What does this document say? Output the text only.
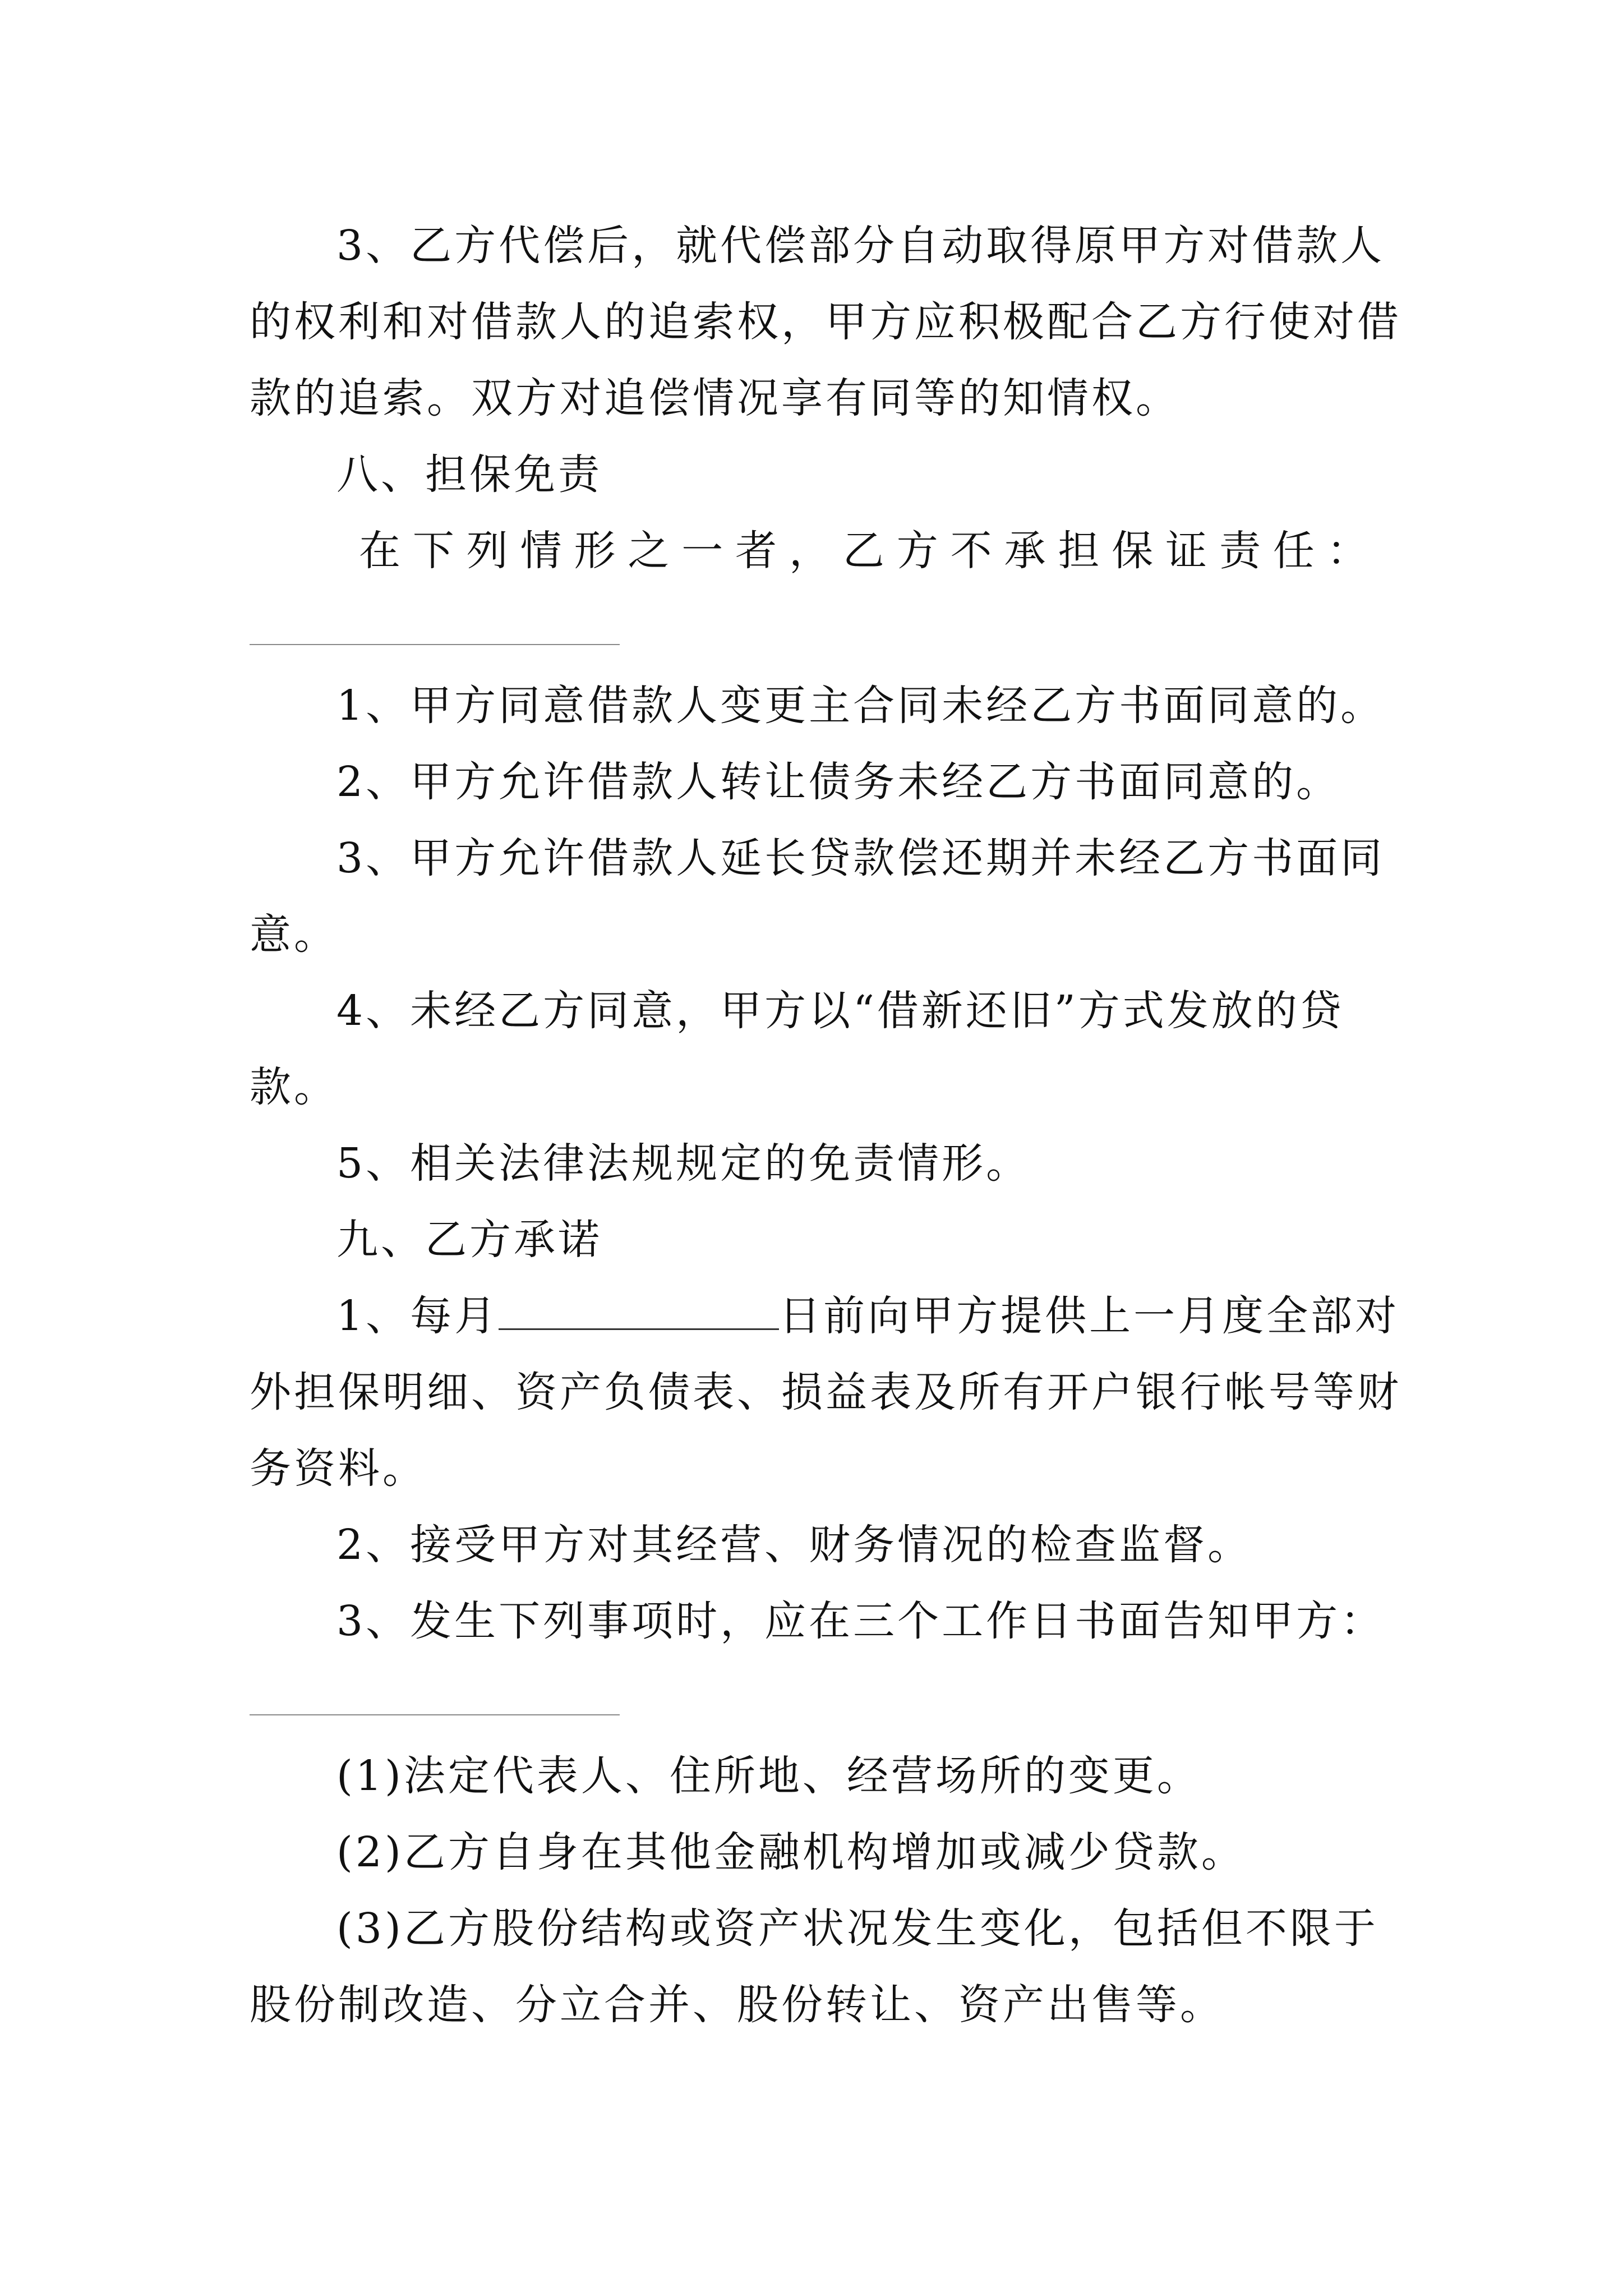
3、乙方代偿后，就代偿部分自动取得原甲方对借款人
的权利和对借款人的追索权，甲方应积极配合乙方行使对借
款的追索。双方对追偿情况享有同等的知情权。
八、担保免责
在 下 列 情 形 之 一 者 ， 乙 方 不 承 担 保 证 责 任 ：
1、甲方同意借款人变更主合同未经乙方书面同意的。
2、甲方允许借款人转让债务未经乙方书面同意的。
3、甲方允许借款人延长贷款偿还期并未经乙方书面同
意。
4、未经乙方同意，甲方以“借新还旧”方式发放的贷
款。
5、相关法律法规规定的免责情形。
九、乙方承诺
1、每月	日前向甲方提供上一月度全部对
外担保明细、资产负债表、损益表及所有开户银行帐号等财
务资料。
2、接受甲方对其经营、财务情况的检查监督。
3、发生下列事项时，应在三个工作日书面告知甲方：
(1)法定代表人、住所地、经营场所的变更。
(2)乙方自身在其他金融机构增加或减少贷款。
(3)乙方股份结构或资产状况发生变化，包括但不限于
股份制改造、分立合并、股份转让、资产出售等。
